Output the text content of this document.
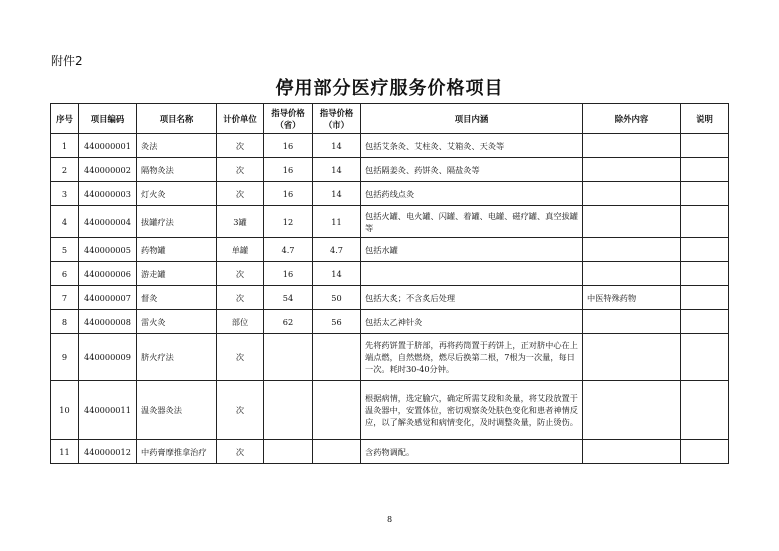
附件2
停用部分医疗服务价格项目
序号	项目编码	项目名称	计价单位	指导价格（省）	指导价格（市）	项目内涵	除外内容	说明
1	440000001	灸法	次	16	14	包括艾条灸、艾柱灸、艾箱灸、天灸等		
2	440000002	隔物灸法	次	16	14	包括隔姜灸、药饼灸、隔盐灸等		
3	440000003	灯火灸	次	16	14	包括药线点灸		
4	440000004	拔罐疗法	3罐	12	11	包括火罐、电火罐、闪罐、着罐、电罐、磁疗罐、真空拔罐等		
5	440000005	药物罐	单罐	4.7	4.7	包括水罐		
6	440000006	游走罐	次	16	14			
7	440000007	督灸	次	54	50	包括大炙；不含炙后处理	中医特殊药物	
8	440000008	雷火灸	部位	62	56	包括太乙神针灸		
9	440000009	脐火疗法	次			先将药饼置于脐部，再将药筒置于药饼上，正对脐中心在上端点燃，自然燃烧，燃尽后换第二根，7根为一次量，每日一次。耗时30-40分钟。		
10	440000011	温灸器灸法	次			根据病情，选定腧穴，确定所需艾段和灸量，将艾段放置于温灸器中，安置体位，密切观察灸处肤色变化和患者神情反应，以了解灸感觉和病情变化，及时调整灸量，防止烫伤。		
11	440000012	中药膏摩推拿治疗	次			含药物调配。		
8
